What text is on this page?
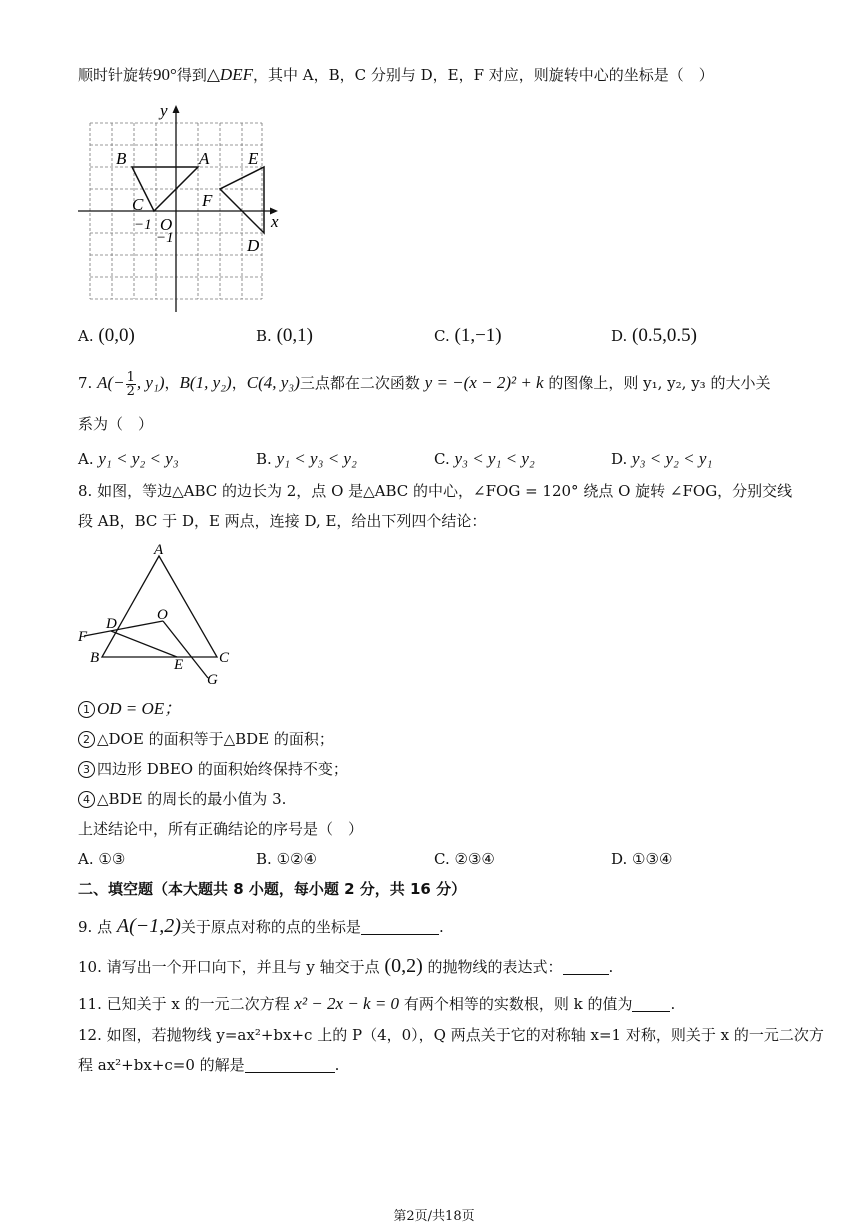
顺时针旋转90°得到△DEF，其中 A，B，C 分别与 D，E，F 对应，则旋转中心的坐标是（　）
y
x
B	A
C
E
F
D
O
−1
−1
A. (0,0)	B. (0,1)	C. (1,−1)	D. (0.5,0.5)
7. $A(- \frac{1}{2}$ , y₁)，B(1, y₂)，C(4, y₃)三点都在二次函数 y = −(x − 2)² + k 的图像上，则 y₁, y₂, y₃ 的大小关
系为（　）
A. y₁ < y₂ < y₃	B. y₁ < y₃ < y₂	C. y₃ < y₁ < y₂	D. y₃ < y₂ < y₁
8. 如图，等边△ABC 的边长为 2，点 O 是△ABC 的中心，∠FOG = 120° 绕点 O 旋转 ∠FOG，分别交线
段 AB，BC 于 D，E 两点，连接 D, E，给出下列四个结论：
A
O
D
F
B	E C
G
1 OD = OE；
2 △DOE 的面积等于△BDE 的面积；
3 四边形 DBEO 的面积始终保持不变；
4 △BDE 的周长的最小值为 3.
上述结论中，所有正确结论的序号是（　）
A. ①③	B. ①②④	C. ②③④	D. ①③④
二、填空题（本大题共 8 小题，每小题 2 分，共 16 分）
9. 点 A(−1,2)关于原点对称的点的坐标是	.
10. 请写出一个开口向下，并且与 y 轴交于点 (0,2) 的抛物线的表达式：	.
11. 已知关于 x 的一元二次方程 x² − 2x − k = 0 有两个相等的实数根，则 k 的值为	.
12. 如图，若抛物线 y=ax²+bx+c 上的 P（4，0），Q 两点关于它的对称轴 x=1 对称，则关于 x 的一元二次方
程 ax²+bx+c=0 的解是	.
第2页/共18页
